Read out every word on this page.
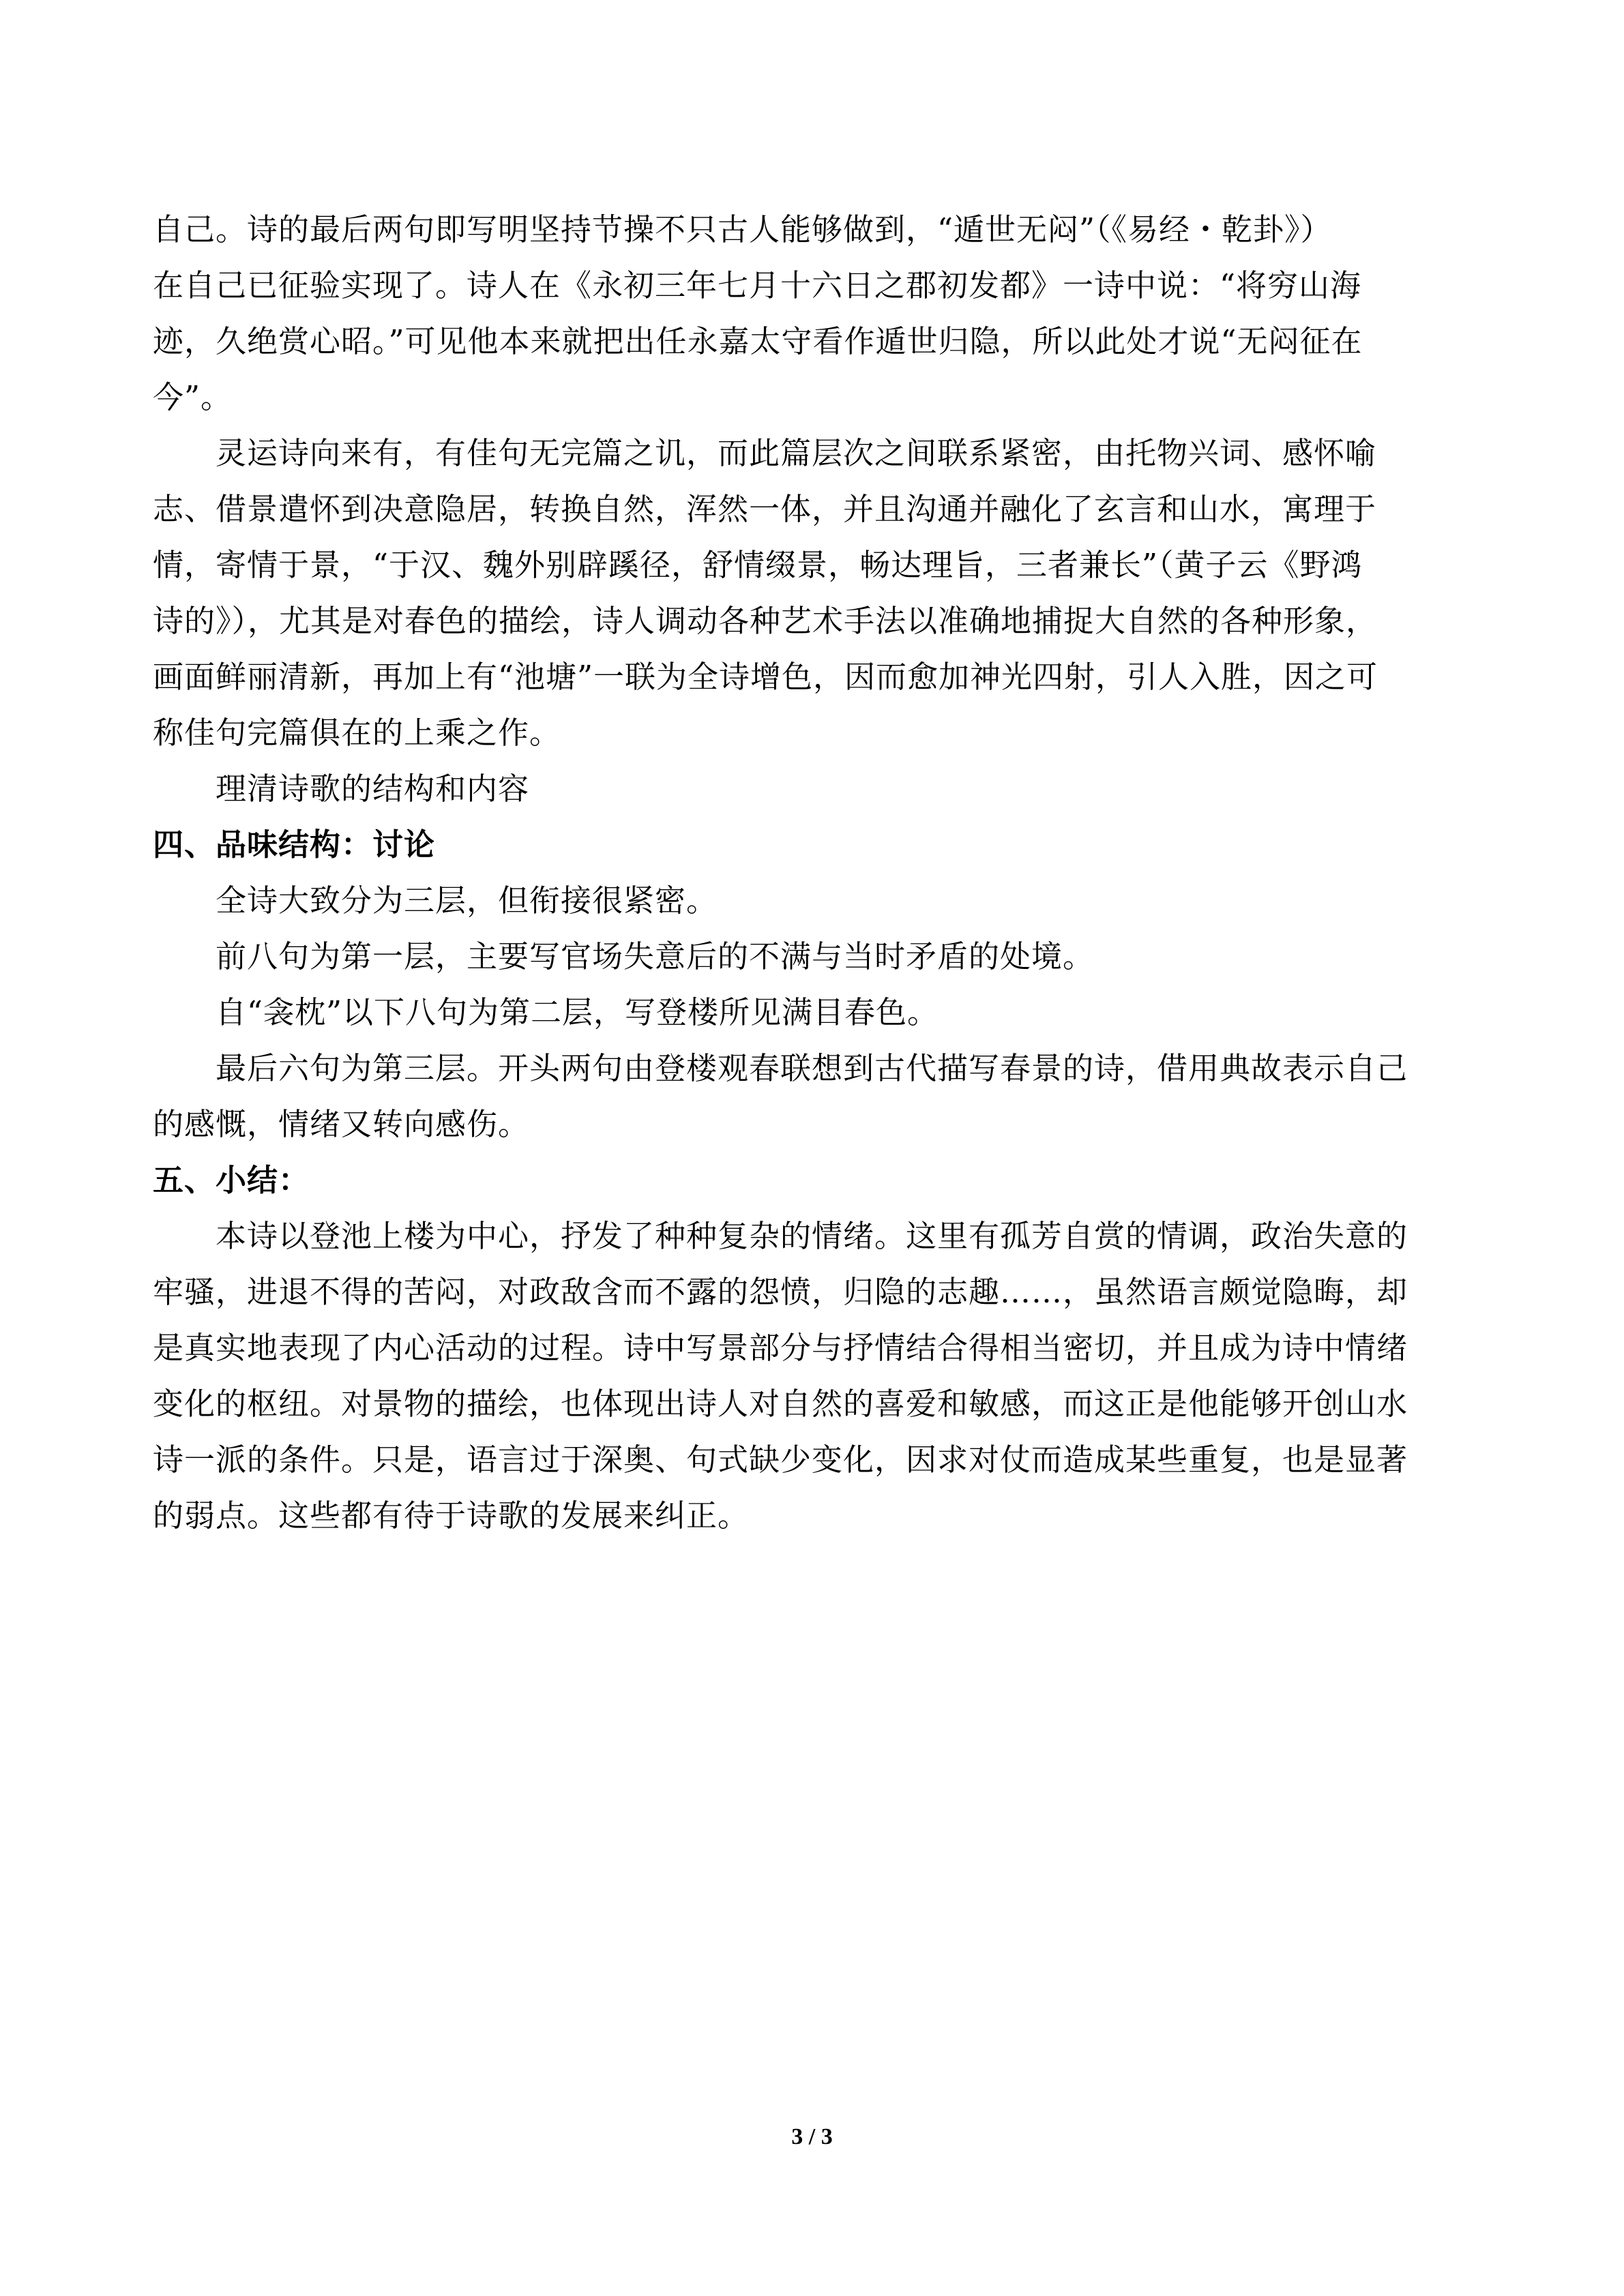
自己。诗的最后两句即写明坚持节操不只古人能够做到，“遁世无闷”（《易经・乾卦》）
在自己已征验实现了。诗人在《永初三年七月十六日之郡初发都》一诗中说：“将穷山海
迹，久绝赏心昭。”可见他本来就把出任永嘉太守看作遁世归隐，所以此处才说“无闷征在
今”。
灵运诗向来有，有佳句无完篇之讥，而此篇层次之间联系紧密，由托物兴词、感怀喻
志、借景遣怀到决意隐居，转换自然，浑然一体，并且沟通并融化了玄言和山水，寓理于
情，寄情于景，“于汉、魏外别辟蹊径，舒情缀景，畅达理旨，三者兼长”（黄子云《野鸿
诗的》），尤其是对春色的描绘，诗人调动各种艺术手法以准确地捕捉大自然的各种形象，
画面鲜丽清新，再加上有“池塘”一联为全诗增色，因而愈加神光四射，引人入胜，因之可
称佳句完篇俱在的上乘之作。
理清诗歌的结构和内容
四、品味结构：讨论
全诗大致分为三层，但衔接很紧密。
前八句为第一层，主要写官场失意后的不满与当时矛盾的处境。
自“衾枕”以下八句为第二层，写登楼所见满目春色。
最后六句为第三层。开头两句由登楼观春联想到古代描写春景的诗，借用典故表示自己
的感慨，情绪又转向感伤。
五、小结：
本诗以登池上楼为中心，抒发了种种复杂的情绪。这里有孤芳自赏的情调，政治失意的
牢骚，进退不得的苦闷，对政敌含而不露的怨愤，归隐的志趣……，虽然语言颇觉隐晦，却
是真实地表现了内心活动的过程。诗中写景部分与抒情结合得相当密切，并且成为诗中情绪
变化的枢纽。对景物的描绘，也体现出诗人对自然的喜爱和敏感，而这正是他能够开创山水
诗一派的条件。只是，语言过于深奥、句式缺少变化，因求对仗而造成某些重复，也是显著
的弱点。这些都有待于诗歌的发展来纠正。
3 / 3
